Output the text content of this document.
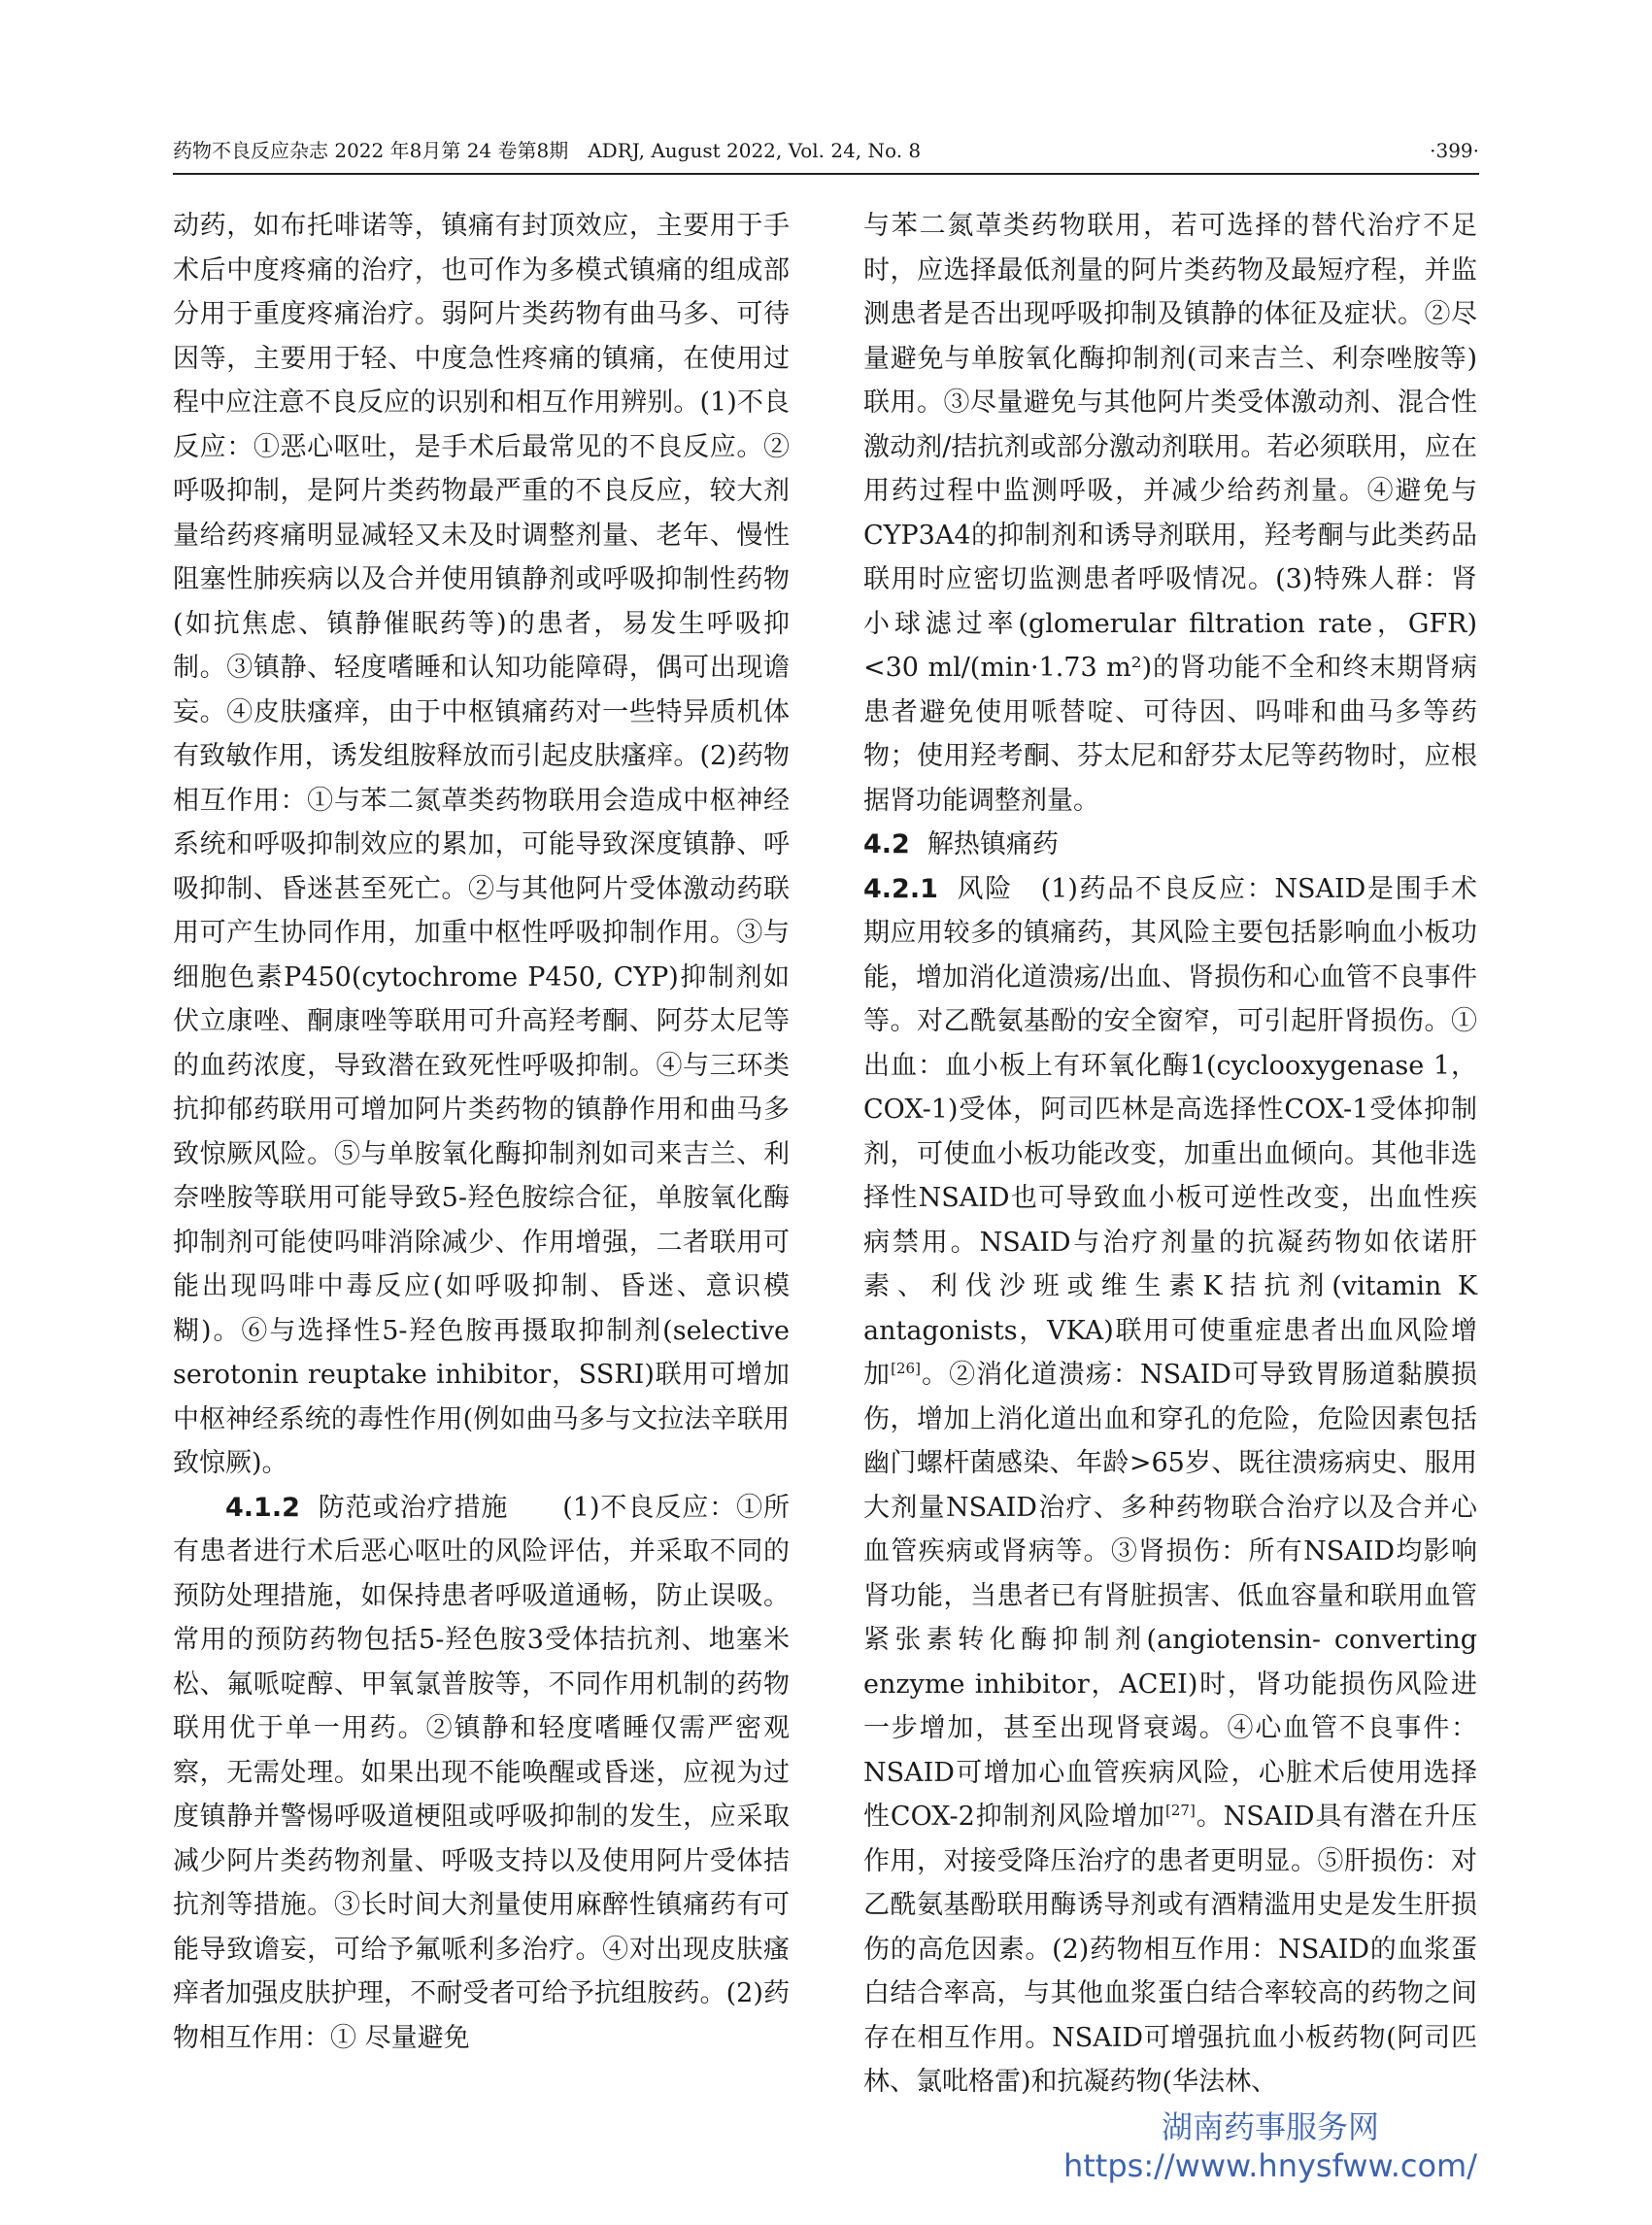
药物不良反应杂志 2022 年8月第 24 卷第8期　ADRJ, August 2022, Vol. 24, No. 8	·399·

动药，如布托啡诺等，镇痛有封顶效应，主要用于手术后中度疼痛的治疗，也可作为多模式镇痛的组成部分用于重度疼痛治疗。弱阿片类药物有曲马多、可待因等，主要用于轻、中度急性疼痛的镇痛，在使用过程中应注意不良反应的识别和相互作用辨别。(1)不良反应：①恶心呕吐，是手术后最常见的不良反应。②呼吸抑制，是阿片类药物最严重的不良反应，较大剂量给药疼痛明显减轻又未及时调整剂量、老年、慢性阻塞性肺疾病以及合并使用镇静剂或呼吸抑制性药物(如抗焦虑、镇静催眠药等)的患者，易发生呼吸抑制。③镇静、轻度嗜睡和认知功能障碍，偶可出现谵妄。④皮肤瘙痒，由于中枢镇痛药对一些特异质机体有致敏作用，诱发组胺释放而引起皮肤瘙痒。(2)药物相互作用：①与苯二氮䓬类药物联用会造成中枢神经系统和呼吸抑制效应的累加，可能导致深度镇静、呼吸抑制、昏迷甚至死亡。②与其他阿片受体激动药联用可产生协同作用，加重中枢性呼吸抑制作用。③与细胞色素P450(cytochrome P450, CYP)抑制剂如伏立康唑、酮康唑等联用可升高羟考酮、阿芬太尼等的血药浓度，导致潜在致死性呼吸抑制。④与三环类抗抑郁药联用可增加阿片类药物的镇静作用和曲马多致惊厥风险。⑤与单胺氧化酶抑制剂如司来吉兰、利奈唑胺等联用可能导致5-羟色胺综合征，单胺氧化酶抑制剂可能使吗啡消除减少、作用增强，二者联用可能出现吗啡中毒反应(如呼吸抑制、昏迷、意识模糊)。⑥与选择性5-羟色胺再摄取抑制剂(selective serotonin reuptake inhibitor，SSRI)联用可增加中枢神经系统的毒性作用(例如曲马多与文拉法辛联用致惊厥)。

4.1.2 防范或治疗措施　　 (1)不良反应：①所有患者进行术后恶心呕吐的风险评估，并采取不同的预防处理措施，如保持患者呼吸道通畅，防止误吸。常用的预防药物包括5-羟色胺3受体拮抗剂、地塞米松、氟哌啶醇、甲氧氯普胺等，不同作用机制的药物联用优于单一用药。②镇静和轻度嗜睡仅需严密观察，无需处理。如果出现不能唤醒或昏迷，应视为过度镇静并警惕呼吸道梗阻或呼吸抑制的发生，应采取减少阿片类药物剂量、呼吸支持以及使用阿片受体拮抗剂等措施。③长时间大剂量使用麻醉性镇痛药有可能导致谵妄，可给予氟哌利多治疗。④对出现皮肤瘙痒者加强皮肤护理，不耐受者可给予抗组胺药。(2)药物相互作用：① 尽量避免

与苯二氮䓬类药物联用，若可选择的替代治疗不足时，应选择最低剂量的阿片类药物及最短疗程，并监测患者是否出现呼吸抑制及镇静的体征及症状。②尽量避免与单胺氧化酶抑制剂(司来吉兰、利奈唑胺等)联用。③尽量避免与其他阿片类受体激动剂、混合性激动剂/拮抗剂或部分激动剂联用。若必须联用，应在用药过程中监测呼吸，并减少给药剂量。④避免与CYP3A4的抑制剂和诱导剂联用，羟考酮与此类药品联用时应密切监测患者呼吸情况。(3)特殊人群：肾小球滤过率(glomerular filtration rate，GFR)<30 ml/(min·1.73 m²)的肾功能不全和终末期肾病患者避免使用哌替啶、可待因、吗啡和曲马多等药物；使用羟考酮、芬太尼和舒芬太尼等药物时，应根据肾功能调整剂量。

4.2 解热镇痛药

4.2.1 风险　 (1)药品不良反应：NSAID是围手术期应用较多的镇痛药，其风险主要包括影响血小板功能，增加消化道溃疡/出血、肾损伤和心血管不良事件等。对乙酰氨基酚的安全窗窄，可引起肝肾损伤。①出血：血小板上有环氧化酶1(cyclooxygenase 1，COX-1)受体，阿司匹林是高选择性COX-1受体抑制剂，可使血小板功能改变，加重出血倾向。其他非选择性NSAID也可导致血小板可逆性改变，出血性疾病禁用。NSAID与治疗剂量的抗凝药物如依诺肝素、利伐沙班或维生素K拮抗剂(vitamin K antagonists，VKA)联用可使重症患者出血风险增加[26]。②消化道溃疡：NSAID可导致胃肠道黏膜损伤，增加上消化道出血和穿孔的危险，危险因素包括幽门螺杆菌感染、年龄>65岁、既往溃疡病史、服用大剂量NSAID治疗、多种药物联合治疗以及合并心血管疾病或肾病等。③肾损伤：所有NSAID均影响肾功能，当患者已有肾脏损害、低血容量和联用血管紧张素转化酶抑制剂(angiotensin- converting enzyme inhibitor，ACEI)时，肾功能损伤风险进一步增加，甚至出现肾衰竭。④心血管不良事件：NSAID可增加心血管疾病风险，心脏术后使用选择性COX-2抑制剂风险增加[27]。NSAID具有潜在升压作用，对接受降压治疗的患者更明显。⑤肝损伤：对乙酰氨基酚联用酶诱导剂或有酒精滥用史是发生肝损伤的高危因素。(2)药物相互作用：NSAID的血浆蛋白结合率高，与其他血浆蛋白结合率较高的药物之间存在相互作用。NSAID可增强抗血小板药物(阿司匹林、氯吡格雷)和抗凝药物(华法林、

湖南药事服务网
https://www.hnysfww.com/
